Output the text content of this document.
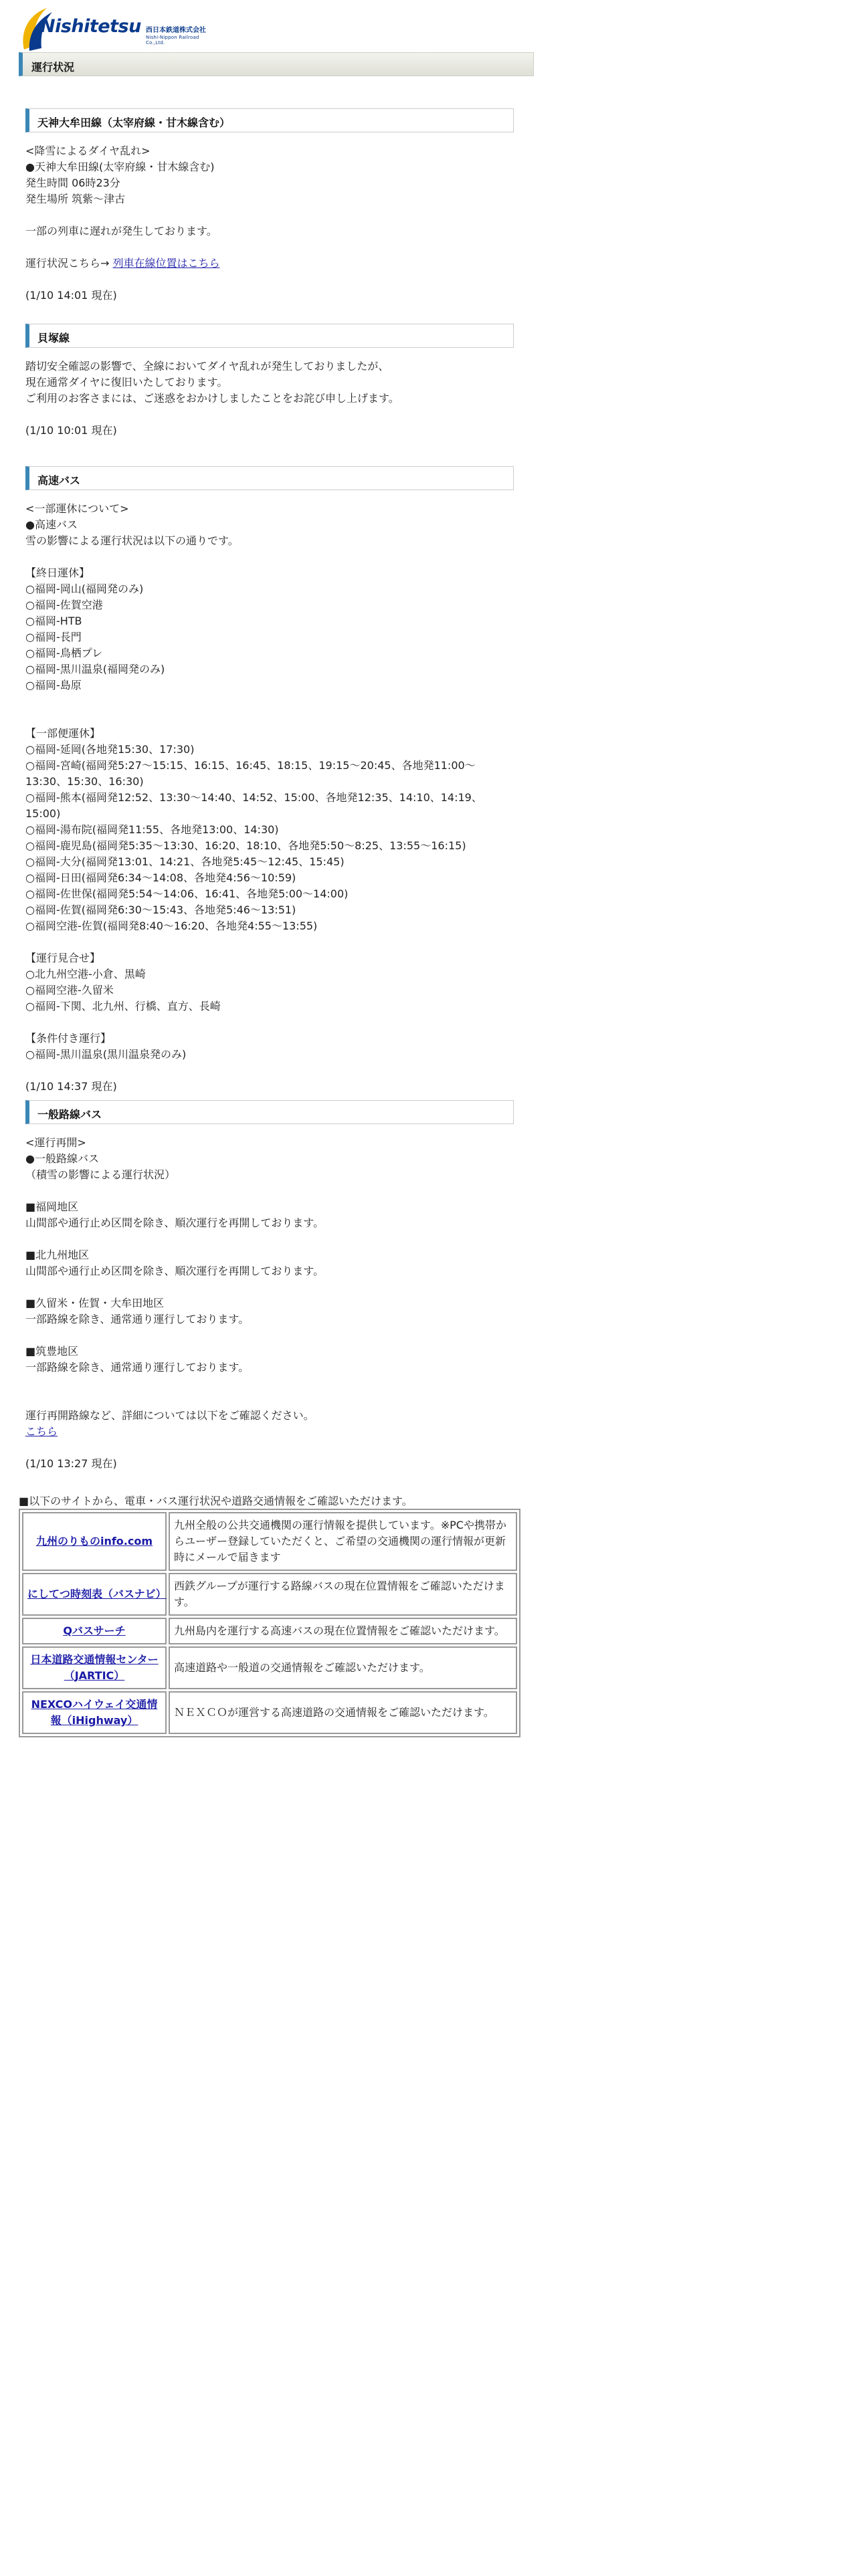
Nishitetsu 西日本鉄道株式会社
Nishi-Nippon Railroad Co.,Ltd.
運行状況
天神大牟田線（太宰府線・甘木線含む）

<降雪によるダイヤ乱れ>

●天神大牟田線(太宰府線・甘木線含む)

発生時間 06時23分

発生場所 筑紫〜津古

一部の列車に遅れが発生しております。

運行状況こちら→ 列車在線位置はこちら

(1/10 14:01 現在)

貝塚線

踏切安全確認の影響で、全線においてダイヤ乱れが発生しておりましたが、

現在通常ダイヤに復旧いたしております。

ご利用のお客さまには、ご迷惑をおかけしましたことをお詫び申し上げます。

(1/10 10:01 現在)

高速バス

<一部運休について>

●高速バス

雪の影響による運行状況は以下の通りです。

【終日運休】

○福岡-岡山(福岡発のみ)

○福岡-佐賀空港

○福岡-HTB

○福岡-長門

○福岡-鳥栖プレ

○福岡-黒川温泉(福岡発のみ)

○福岡-島原

【一部便運休】

○福岡-延岡(各地発15:30、17:30)

○福岡-宮崎(福岡発5:27〜15:15、16:15、16:45、18:15、19:15〜20:45、各地発11:00〜

13:30、15:30、16:30)

○福岡-熊本(福岡発12:52、13:30〜14:40、14:52、15:00、各地発12:35、14:10、14:19、

15:00)

○福岡-湯布院(福岡発11:55、各地発13:00、14:30)

○福岡-鹿児島(福岡発5:35〜13:30、16:20、18:10、各地発5:50〜8:25、13:55〜16:15)

○福岡-大分(福岡発13:01、14:21、各地発5:45〜12:45、15:45)

○福岡-日田(福岡発6:34〜14:08、各地発4:56〜10:59)

○福岡-佐世保(福岡発5:54〜14:06、16:41、各地発5:00〜14:00)

○福岡-佐賀(福岡発6:30〜15:43、各地発5:46〜13:51)

○福岡空港-佐賀(福岡発8:40〜16:20、各地発4:55〜13:55)

【運行見合せ】

○北九州空港-小倉、黒崎

○福岡空港-久留米

○福岡-下関、北九州、行橋、直方、長崎

【条件付き運行】

○福岡-黒川温泉(黒川温泉発のみ)

(1/10 14:37 現在)

一般路線バス

<運行再開>

●一般路線バス

（積雪の影響による運行状況）

■福岡地区

山間部や通行止め区間を除き、順次運行を再開しております。

■北九州地区

山間部や通行止め区間を除き、順次運行を再開しております。

■久留米・佐賀・大牟田地区

一部路線を除き、通常通り運行しております。

■筑豊地区

一部路線を除き、通常通り運行しております。

運行再開路線など、詳細については以下をご確認ください。

こちら

(1/10 13:27 現在)

■以下のサイトから、電車・バス運行状況や道路交通情報をご確認いただけます。
九州のりものinfo.com	九州全般の公共交通機関の運行情報を提供しています。※PCや携帯からユーザー登録していただくと、ご希望の交通機関の運行情報が更新時にメールで届きます
にしてつ時刻表（バスナビ）	西鉄グループが運行する路線バスの現在位置情報をご確認いただけます。
Qバスサーチ	九州島内を運行する高速バスの現在位置情報をご確認いただけます。
日本道路交通情報センター（JARTIC）	高速道路や一般道の交通情報をご確認いただけます。
NEXCOハイウェイ交通情報（iHighway）	ＮＥＸＣＯが運営する高速道路の交通情報をご確認いただけます。
